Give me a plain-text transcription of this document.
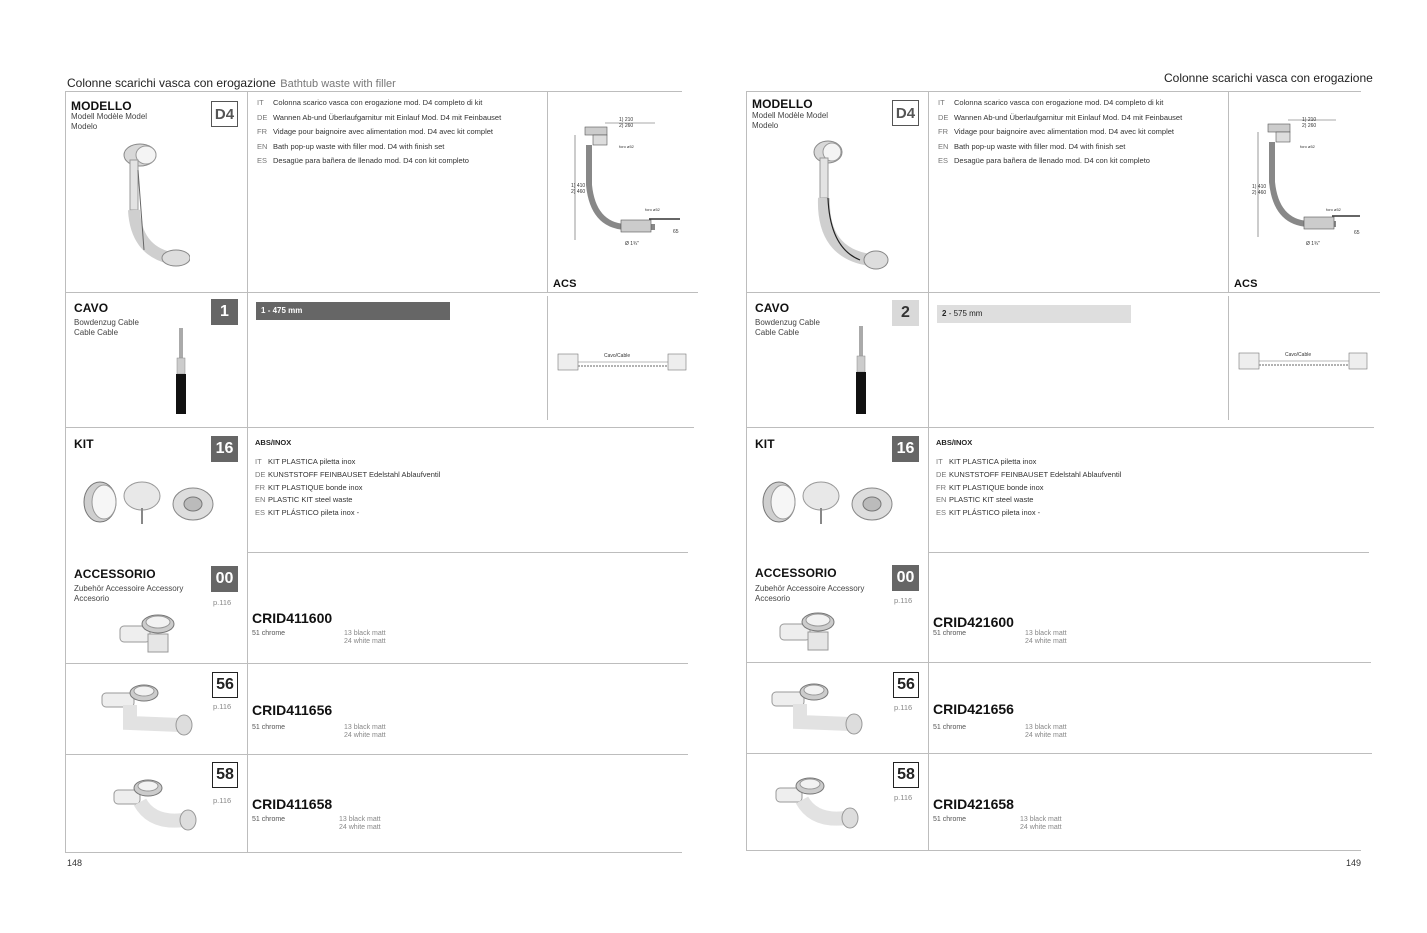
Colonne scarichi vasca con erogazione Bathtub waste with filler
MODELLO
Modell Modèle Model
Modelo
D4
IT Colonna scarico vasca con erogazione mod. D4 completo di kit
DE Wannen Ab-und Überlaufgarnitur mit Einlauf Mod. D4 mit Feinbauset
FR Vidage pour baignoire avec alimentation mod. D4 avec kit complet
EN Bath pop-up waste with filler mod. D4 with finish set
ES Desagüe para bañera de llenado mod. D4 con kit completo
1) 210
2) 260
foro ø52
1) 410
2) 460
foro ø52
65
Ø 1¾"
ACS
CAVO
Bowdenzug Cable
Cable Cable
1	1 - 475 mm
Cavo/Cable
KIT	16	ABS/INOX
IT KIT PLASTICA piletta inox
DE KUNSTSTOFF FEINBAUSET Edelstahl Ablaufventil
FR KIT PLASTIQUE bonde inox
EN PLASTIC KIT steel waste
ES KIT PLÁSTICO pileta inox -
ACCESSORIO
Zubehör Accessoire Accessory
Accesorio
00
p.116
CRID411600
51 chrome	13 black matt
24 white matt
56
p.116 CRID411656
51 chrome	13 black matt
24 white matt
58
p.116 CRID411658
51 chrome	13 black matt
24 white matt
148
Colonne scarichi vasca con erogazione
MODELLO
Modell Modèle Model
Modelo
D4
IT Colonna scarico vasca con erogazione mod. D4 completo di kit
DE Wannen Ab-und Überlaufgarnitur mit Einlauf Mod. D4 mit Feinbauset
FR Vidage pour baignoire avec alimentation mod. D4 avec kit complet
EN Bath pop-up waste with filler mod. D4 with finish set
ES Desagüe para bañera de llenado mod. D4 con kit completo
1) 210
2) 260
foro ø52
1) 410
2) 460
foro ø52
65
Ø 1¾"
ACS
CAVO
Bowdenzug Cable
Cable Cable
2	2 - 575 mm
Cavo/Cable
KIT	16	ABS/INOX
IT KIT PLASTICA piletta inox
DE KUNSTSTOFF FEINBAUSET Edelstahl Ablaufventil
FR KIT PLASTIQUE bonde inox
EN PLASTIC KIT steel waste
ES KIT PLÁSTICO pileta inox -
ACCESSORIO
Zubehör Accessoire Accessory
Accesorio
00
p.116
CRID421600
51 chrome	13 black matt
24 white matt
56
p.116 CRID421656
51 chrome	13 black matt
24 white matt
58
p.116 CRID421658
51 chrome	13 black matt
24 white matt
149
